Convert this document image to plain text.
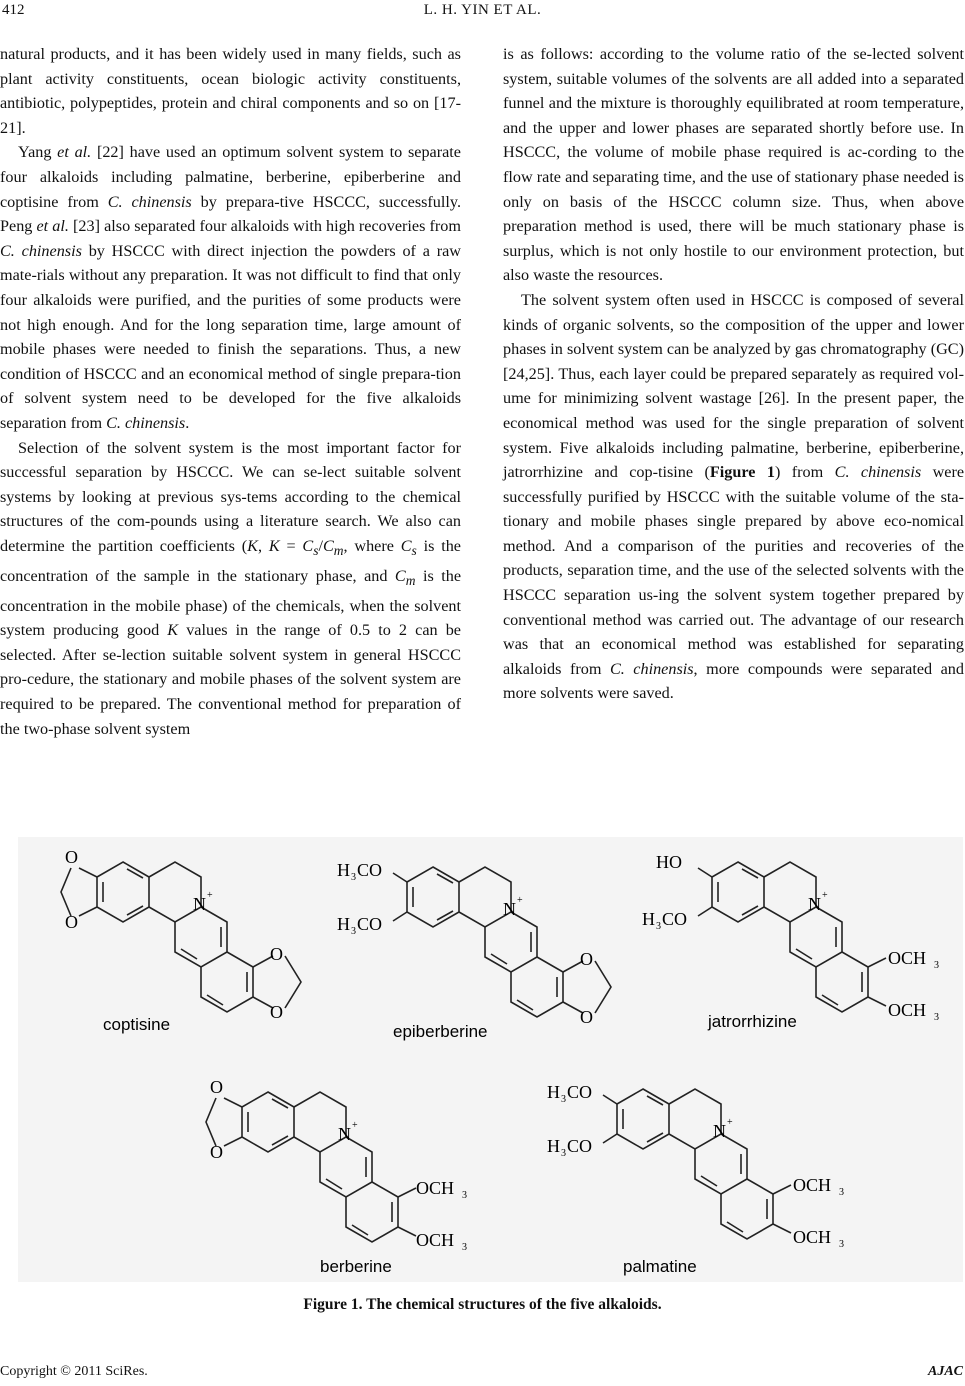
412	L. H. YIN ET AL.

natural products, and it has been widely used in many fields, such as plant activity constituents, ocean biologic activity constituents, antibiotic, polypeptides, protein and chiral components and so on [17-21].

Yang et al. [22] have used an optimum solvent system to separate four alkaloids including palmatine, berberine, epiberberine and coptisine from C. chinensis by prepara-tive HSCCC, successfully. Peng et al. [23] also separated four alkaloids with high recoveries from C. chinensis by HSCCC with direct injection the powders of a raw mate-rials without any preparation. It was not difficult to find that only four alkaloids were purified, and the purities of some products were not high enough. And for the long separation time, large amount of mobile phases were needed to finish the separations. Thus, a new condition of HSCCC and an economical method of single prepara-tion of solvent system need to be developed for the five alkaloids separation from C. chinensis.

Selection of the solvent system is the most important factor for successful separation by HSCCC. We can se-lect suitable solvent systems by looking at previous sys-tems according to the chemical structures of the com-pounds using a literature search. We also can determine the partition coefficients (K, $K = C_s/C_m$, where $C_s$ is the concentration of the sample in the stationary phase, and $C_m$ is the concentration in the mobile phase) of the chemicals, when the solvent system producing good K values in the range of 0.5 to 2 can be selected. After se-lection suitable solvent system in general HSCCC pro-cedure, the stationary and mobile phases of the solvent system are required to be prepared. The conventional method for preparation of the two-phase solvent system

is as follows: according to the volume ratio of the se-lected solvent system, suitable volumes of the solvents are all added into a separated funnel and the mixture is thoroughly equilibrated at room temperature, and the upper and lower phases are separated shortly before use. In HSCCC, the volume of mobile phase required is ac-cording to the flow rate and separating time, and the use of stationary phase needed is only on basis of the HSCCC column size. Thus, when above preparation method is used, there will be much stationary phase is surplus, which is not only hostile to our environment protection, but also waste the resources.

The solvent system often used in HSCCC is composed of several kinds of organic solvents, so the composition of the upper and lower phases in solvent system can be analyzed by gas chromatography (GC) [24,25]. Thus, each layer could be prepared separately as required vol-ume for minimizing solvent wastage [26]. In the present paper, the economical method was used for the single preparation of solvent system. Five alkaloids including palmatine, berberine, epiberberine, jatrorrhizine and cop-tisine (Figure 1) from C. chinensis were successfully purified by HSCCC with the suitable volume of the sta-tionary and mobile phases single prepared by above eco-nomical method. And a comparison of the purities and recoveries of the products, separation time, and the use of the selected solvents with the HSCCC separation us-ing the solvent system together prepared by conventional method was carried out. The advantage of our research was that an economical method was established for separating alkaloids from C. chinensis, more compounds were separated and more solvents were saved.

O
O
N +
O
O
coptisine
H 3 CO
H 3 CO
N +
O
O
epiberberine
HO
H 3 CO
N +
OCH 3
OCH 3
jatrorrhizine
O
O
N +
OCH 3
OCH 3
berberine
H 3 CO
H 3 CO
N +
OCH 3
OCH 3
palmatine
Figure 1. The chemical structures of the five alkaloids.
Copyright © 2011 SciRes.	AJAC
